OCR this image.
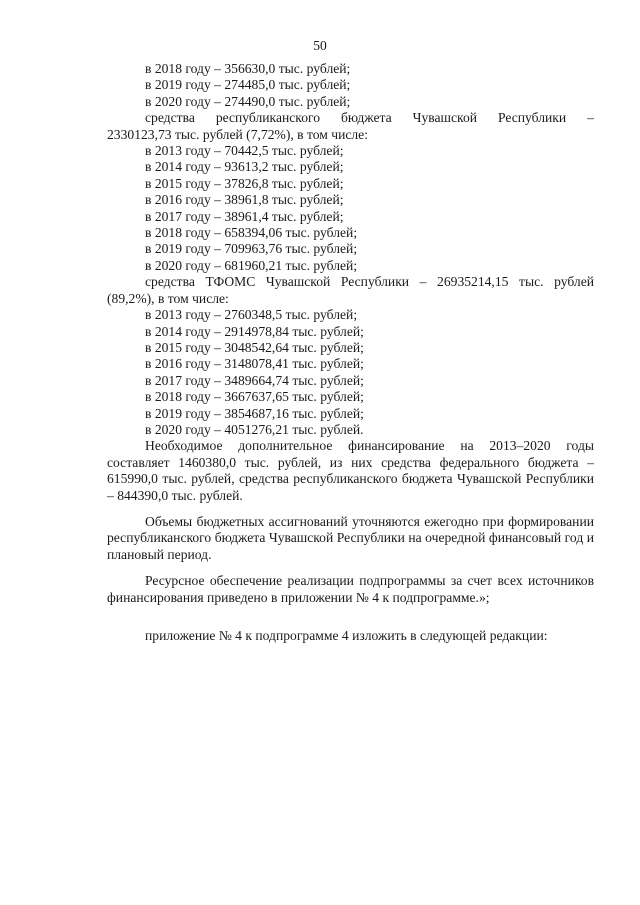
50
в 2018 году – 356630,0 тыс. рублей;
в 2019 году – 274485,0 тыс. рублей;
в 2020 году – 274490,0 тыс. рублей;
средства республиканского бюджета Чувашской Республики –
2330123,73 тыс. рублей (7,72%), в том числе:
в 2013 году – 70442,5 тыс. рублей;
в 2014 году – 93613,2 тыс. рублей;
в 2015 году – 37826,8 тыс. рублей;
в 2016 году – 38961,8 тыс. рублей;
в 2017 году – 38961,4 тыс. рублей;
в 2018 году – 658394,06 тыс. рублей;
в 2019 году – 709963,76 тыс. рублей;
в 2020 году – 681960,21 тыс. рублей;
средства ТФОМС Чувашской Республики – 26935214,15 тыс. рублей
(89,2%), в том числе:
в 2013 году – 2760348,5 тыс. рублей;
в 2014 году – 2914978,84 тыс. рублей;
в 2015 году – 3048542,64 тыс. рублей;
в 2016 году – 3148078,41 тыс. рублей;
в 2017 году – 3489664,74 тыс. рублей;
в 2018 году – 3667637,65 тыс. рублей;
в 2019 году – 3854687,16 тыс. рублей;
в 2020 году – 4051276,21 тыс. рублей.
Необходимое дополнительное финансирование на 2013–2020 годы составляет 1460380,0 тыс. рублей, из них средства федерального бюджета – 615990,0 тыс. рублей, средства республиканского бюджета Чувашской Республики – 844390,0 тыс. рублей.
Объемы бюджетных ассигнований уточняются ежегодно при формировании республиканского бюджета Чувашской Республики на очередной финансовый год и плановый период.
Ресурсное обеспечение реализации подпрограммы за счет всех источников финансирования приведено в приложении № 4 к подпрограмме.»;
приложение № 4 к подпрограмме 4 изложить в следующей редакции:
